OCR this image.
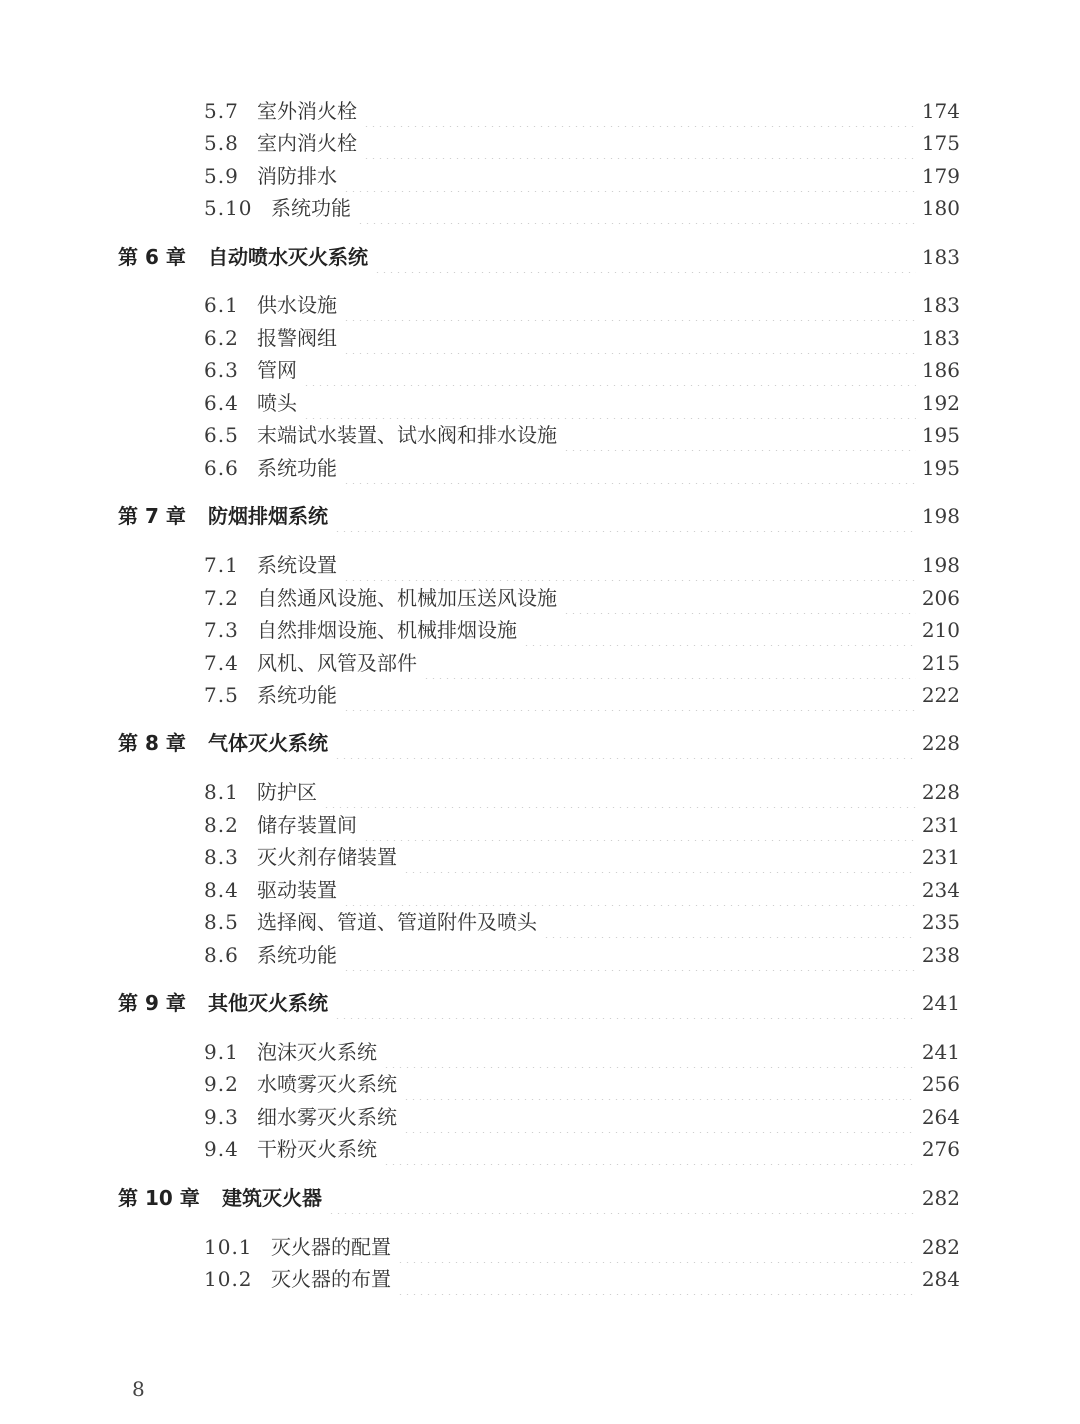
5.7 室外消火栓	174
5.8 室内消火栓	175
5.9 消防排水	179
5.10 系统功能	180
第 6 章 自动喷水灭火系统	183
6.1 供水设施	183
6.2 报警阀组	183
6.3 管网	186
6.4 喷头	192
6.5 末端试水装置、试水阀和排水设施	195
6.6 系统功能	195
第 7 章 防烟排烟系统	198
7.1 系统设置	198
7.2 自然通风设施、机械加压送风设施	206
7.3 自然排烟设施、机械排烟设施	210
7.4 风机、风管及部件	215
7.5 系统功能	222
第 8 章 气体灭火系统	228
8.1 防护区	228
8.2 储存装置间	231
8.3 灭火剂存储装置	231
8.4 驱动装置	234
8.5 选择阀、管道、管道附件及喷头	235
8.6 系统功能	238
第 9 章 其他灭火系统	241
9.1 泡沫灭火系统	241
9.2 水喷雾灭火系统	256
9.3 细水雾灭火系统	264
9.4 干粉灭火系统	276
第 10 章 建筑灭火器	282
10.1 灭火器的配置	282
10.2 灭火器的布置	284
8
